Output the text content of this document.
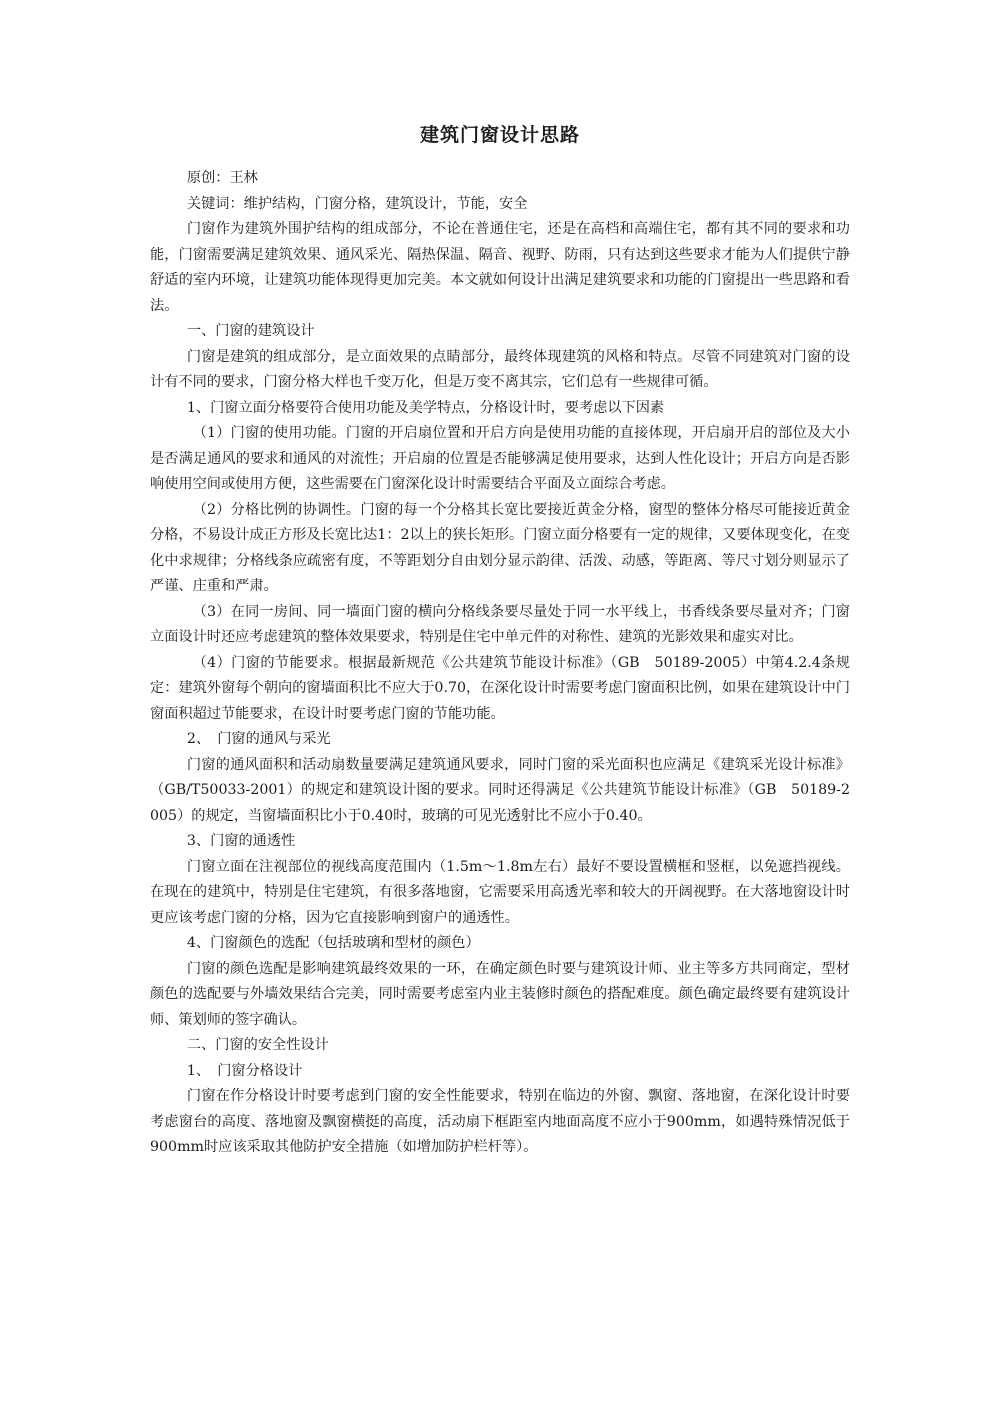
建筑门窗设计思路

原创：王林

关键词：维护结构，门窗分格，建筑设计，节能，安全

门窗作为建筑外围护结构的组成部分，不论在普通住宅，还是在高档和高端住宅，都有其不同的要求和功能，门窗需要满足建筑效果、通风采光、隔热保温、隔音、视野、防雨，只有达到这些要求才能为人们提供宁静舒适的室内环境，让建筑功能体现得更加完美。本文就如何设计出满足建筑要求和功能的门窗提出一些思路和看法。

一、门窗的建筑设计

门窗是建筑的组成部分，是立面效果的点睛部分，最终体现建筑的风格和特点。尽管不同建筑对门窗的设计有不同的要求，门窗分格大样也千变万化，但是万变不离其宗，它们总有一些规律可循。

1、门窗立面分格要符合使用功能及美学特点，分格设计时，要考虑以下因素

（1）门窗的使用功能。门窗的开启扇位置和开启方向是使用功能的直接体现，开启扇开启的部位及大小是否满足通风的要求和通风的对流性；开启扇的位置是否能够满足使用要求，达到人性化设计；开启方向是否影响使用空间或使用方便，这些需要在门窗深化设计时需要结合平面及立面综合考虑。

（2）分格比例的协调性。门窗的每一个分格其长宽比要接近黄金分格，窗型的整体分格尽可能接近黄金分格，不易设计成正方形及长宽比达1：2以上的狭长矩形。门窗立面分格要有一定的规律，又要体现变化，在变化中求规律；分格线条应疏密有度，不等距划分自由划分显示韵律、活泼、动感，等距离、等尺寸划分则显示了严谨、庄重和严肃。

（3）在同一房间、同一墙面门窗的横向分格线条要尽量处于同一水平线上，书香线条要尽量对齐；门窗立面设计时还应考虑建筑的整体效果要求，特别是住宅中单元件的对称性、建筑的光影效果和虚实对比。

（4）门窗的节能要求。根据最新规范《公共建筑节能设计标准》（GB　50189-2005）中第4.2.4条规定：建筑外窗每个朝向的窗墙面积比不应大于0.70，在深化设计时需要考虑门窗面积比例，如果在建筑设计中门窗面积超过节能要求，在设计时要考虑门窗的节能功能。

2、　门窗的通风与采光

门窗的通风面积和活动扇数量要满足建筑通风要求，同时门窗的采光面积也应满足《建筑采光设计标准》（GB/T50033-2001）的规定和建筑设计图的要求。同时还得满足《公共建筑节能设计标准》（GB　50189-2005）的规定，当窗墙面积比小于0.40时，玻璃的可见光透射比不应小于0.40。

3、门窗的通透性

门窗立面在注视部位的视线高度范围内（1.5m～1.8m左右）最好不要设置横框和竖框，以免遮挡视线。在现在的建筑中，特别是住宅建筑，有很多落地窗，它需要采用高透光率和较大的开阔视野。在大落地窗设计时更应该考虑门窗的分格，因为它直接影响到窗户的通透性。

4、门窗颜色的选配（包括玻璃和型材的颜色）

门窗的颜色选配是影响建筑最终效果的一环，在确定颜色时要与建筑设计师、业主等多方共同商定，型材颜色的选配要与外墙效果结合完美，同时需要考虑室内业主装修时颜色的搭配难度。颜色确定最终要有建筑设计师、策划师的签字确认。

二、门窗的安全性设计

1、　门窗分格设计

门窗在作分格设计时要考虑到门窗的安全性能要求，特别在临边的外窗、飘窗、落地窗，在深化设计时要考虑窗台的高度、落地窗及飘窗横挺的高度，活动扇下框距室内地面高度不应小于900mm，如遇特殊情况低于900mm时应该采取其他防护安全措施（如增加防护栏杆等）。
